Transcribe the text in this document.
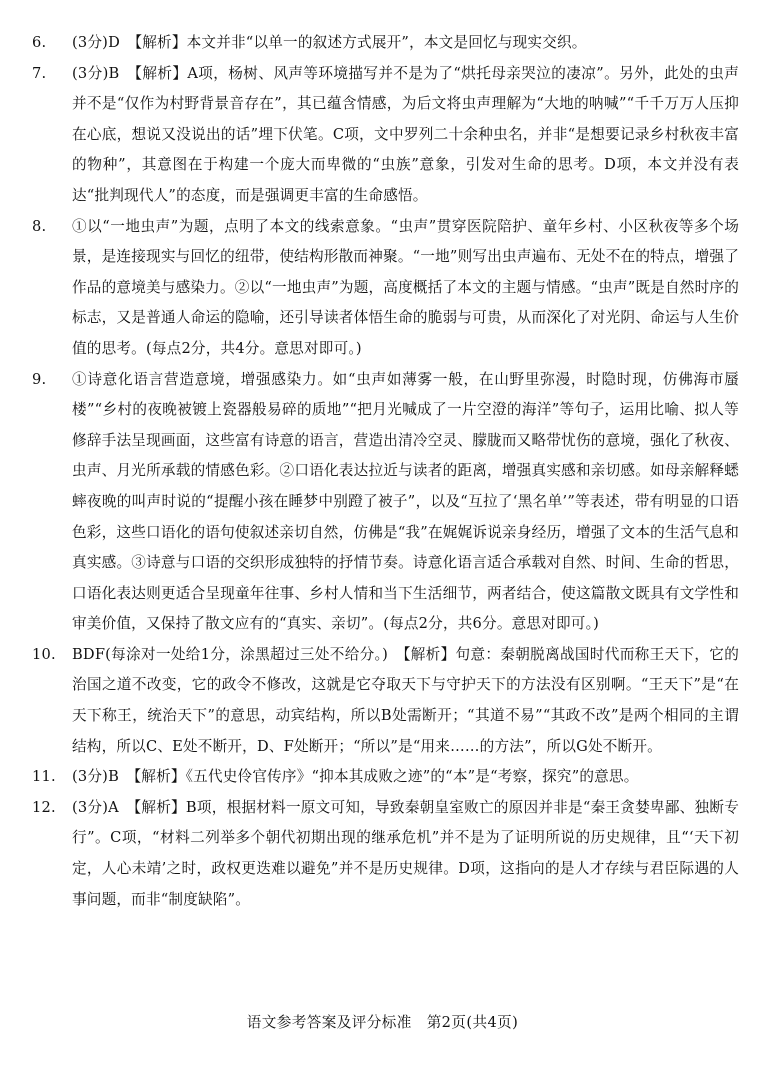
6. (3分)D　【解析】本文并非“以单一的叙述方式展开”，本文是回忆与现实交织。
7. (3分)B　【解析】A项，杨树、风声等环境描写并不是为了“烘托母亲哭泣的凄凉”。另外，此处的虫声并不是“仅作为村野背景音存在”，其已蕴含情感，为后文将虫声理解为“大地的呐喊”“千千万万人压抑在心底，想说又没说出的话”埋下伏笔。C项，文中罗列二十余种虫名，并非“是想要记录乡村秋夜丰富的物种”，其意图在于构建一个庞大而卑微的“虫族”意象，引发对生命的思考。D项，本文并没有表达“批判现代人”的态度，而是强调更丰富的生命感悟。
8. ①以“一地虫声”为题，点明了本文的线索意象。“虫声”贯穿医院陪护、童年乡村、小区秋夜等多个场景，是连接现实与回忆的纽带，使结构形散而神聚。“一地”则写出虫声遍布、无处不在的特点，增强了作品的意境美与感染力。②以“一地虫声”为题，高度概括了本文的主题与情感。“虫声”既是自然时序的标志，又是普通人命运的隐喻，还引导读者体悟生命的脆弱与可贵，从而深化了对光阴、命运与人生价值的思考。(每点2分，共4分。意思对即可。)
9. ①诗意化语言营造意境，增强感染力。如“虫声如薄雾一般，在山野里弥漫，时隐时现，仿佛海市蜃楼”“乡村的夜晚被镀上瓷器般易碎的质地”“把月光喊成了一片空澄的海洋”等句子，运用比喻、拟人等修辞手法呈现画面，这些富有诗意的语言，营造出清冷空灵、朦胧而又略带忧伤的意境，强化了秋夜、虫声、月光所承载的情感色彩。②口语化表达拉近与读者的距离，增强真实感和亲切感。如母亲解释蟋蟀夜晚的叫声时说的“提醒小孩在睡梦中别蹬了被子”，以及“互拉了‘黑名单’”等表述，带有明显的口语色彩，这些口语化的语句使叙述亲切自然，仿佛是“我”在娓娓诉说亲身经历，增强了文本的生活气息和真实感。③诗意与口语的交织形成独特的抒情节奏。诗意化语言适合承载对自然、时间、生命的哲思，口语化表达则更适合呈现童年往事、乡村人情和当下生活细节，两者结合，使这篇散文既具有文学性和审美价值，又保持了散文应有的“真实、亲切”。(每点2分，共6分。意思对即可。)
10. BDF(每涂对一处给1分，涂黑超过三处不给分。)　【解析】句意：秦朝脱离战国时代而称王天下，它的治国之道不改变，它的政令不修改，这就是它夺取天下与守护天下的方法没有区别啊。“王天下”是“在天下称王，统治天下”的意思，动宾结构，所以B处需断开；“其道不易”“其政不改”是两个相同的主谓结构，所以C、E处不断开，D、F处断开；“所以”是“用来……的方法”，所以G处不断开。
11. (3分)B　【解析】《五代史伶官传序》“抑本其成败之迹”的“本”是“考察，探究”的意思。
12. (3分)A　【解析】B项，根据材料一原文可知，导致秦朝皇室败亡的原因并非是“秦王贪婪卑鄙、独断专行”。C项，“材料二列举多个朝代初期出现的继承危机”并不是为了证明所说的历史规律，且“‘天下初定，人心未靖’之时，政权更迭难以避免”并不是历史规律。D项，这指向的是人才存续与君臣际遇的人事问题，而非“制度缺陷”。
语文参考答案及评分标准　第2页(共4页)
